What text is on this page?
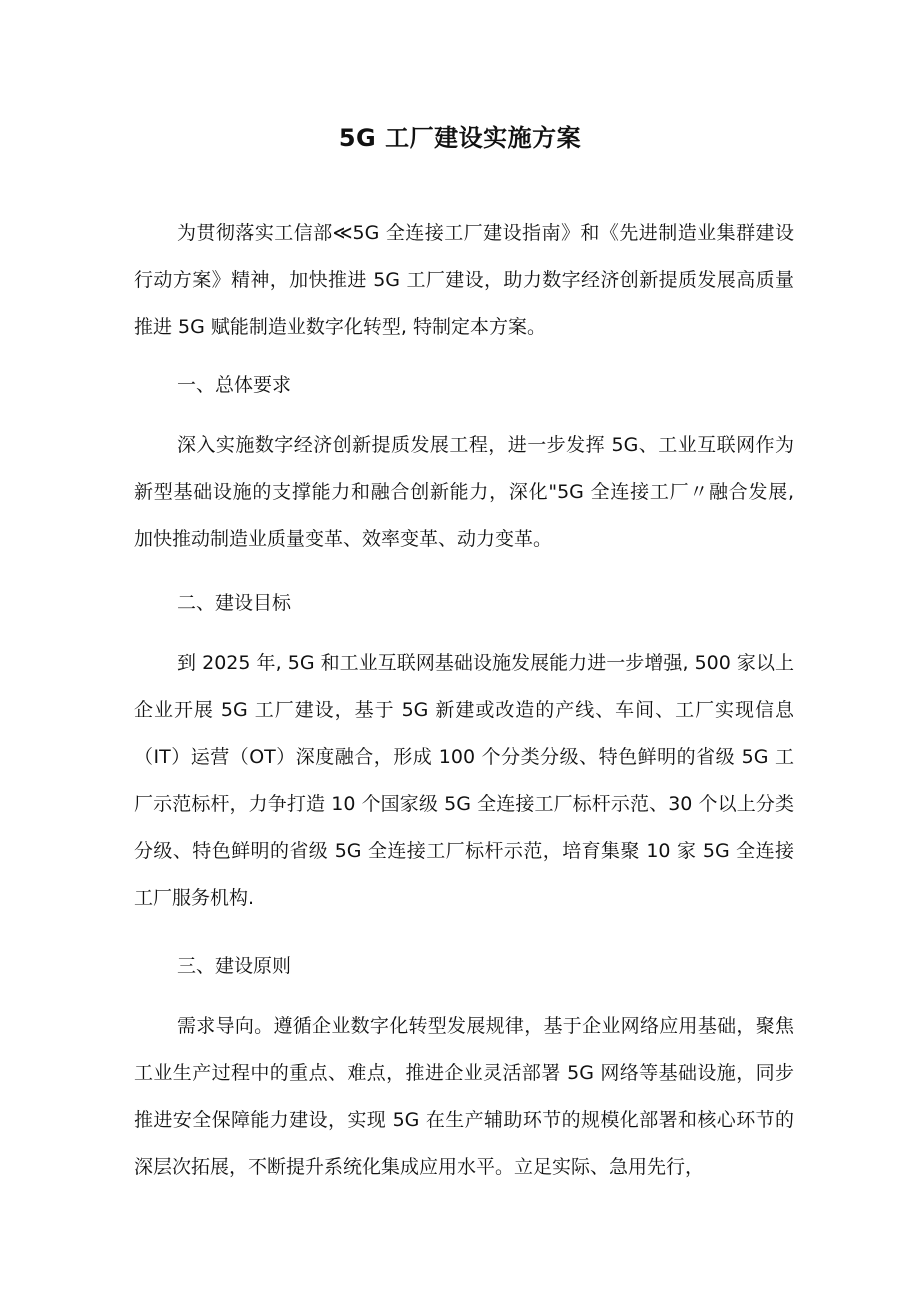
5G 工厂建设实施方案

为贯彻落实工信部≪5G 全连接工厂建设指南》和《先进制造业集群建设行动方案》精神，加快推进 5G 工厂建设，助力数字经济创新提质发展高质量推进 5G 赋能制造业数字化转型, 特制定本方案。

一、总体要求

深入实施数字经济创新提质发展工程，进一步发挥 5G、工业互联网作为新型基础设施的支撑能力和融合创新能力，深化"5G 全连接工厂〃融合发展, 加快推动制造业质量变革、效率变革、动力变革。

二、建设目标

到 2025 年, 5G 和工业互联网基础设施发展能力进一步增强, 500 家以上企业开展 5G 工厂建设，基于 5G 新建或改造的产线、车间、工厂实现信息（IT）运营（OT）深度融合，形成 100 个分类分级、特色鲜明的省级 5G 工厂示范标杆，力争打造 10 个国家级 5G 全连接工厂标杆示范、30 个以上分类分级、特色鲜明的省级 5G 全连接工厂标杆示范，培育集聚 10 家 5G 全连接工厂服务机构.

三、建设原则

需求导向。遵循企业数字化转型发展规律，基于企业网络应用基础，聚焦工业生产过程中的重点、难点，推进企业灵活部署 5G 网络等基础设施，同步推进安全保障能力建设，实现 5G 在生产辅助环节的规模化部署和核心环节的深层次拓展，不断提升系统化集成应用水平。立足实际、急用先行，
